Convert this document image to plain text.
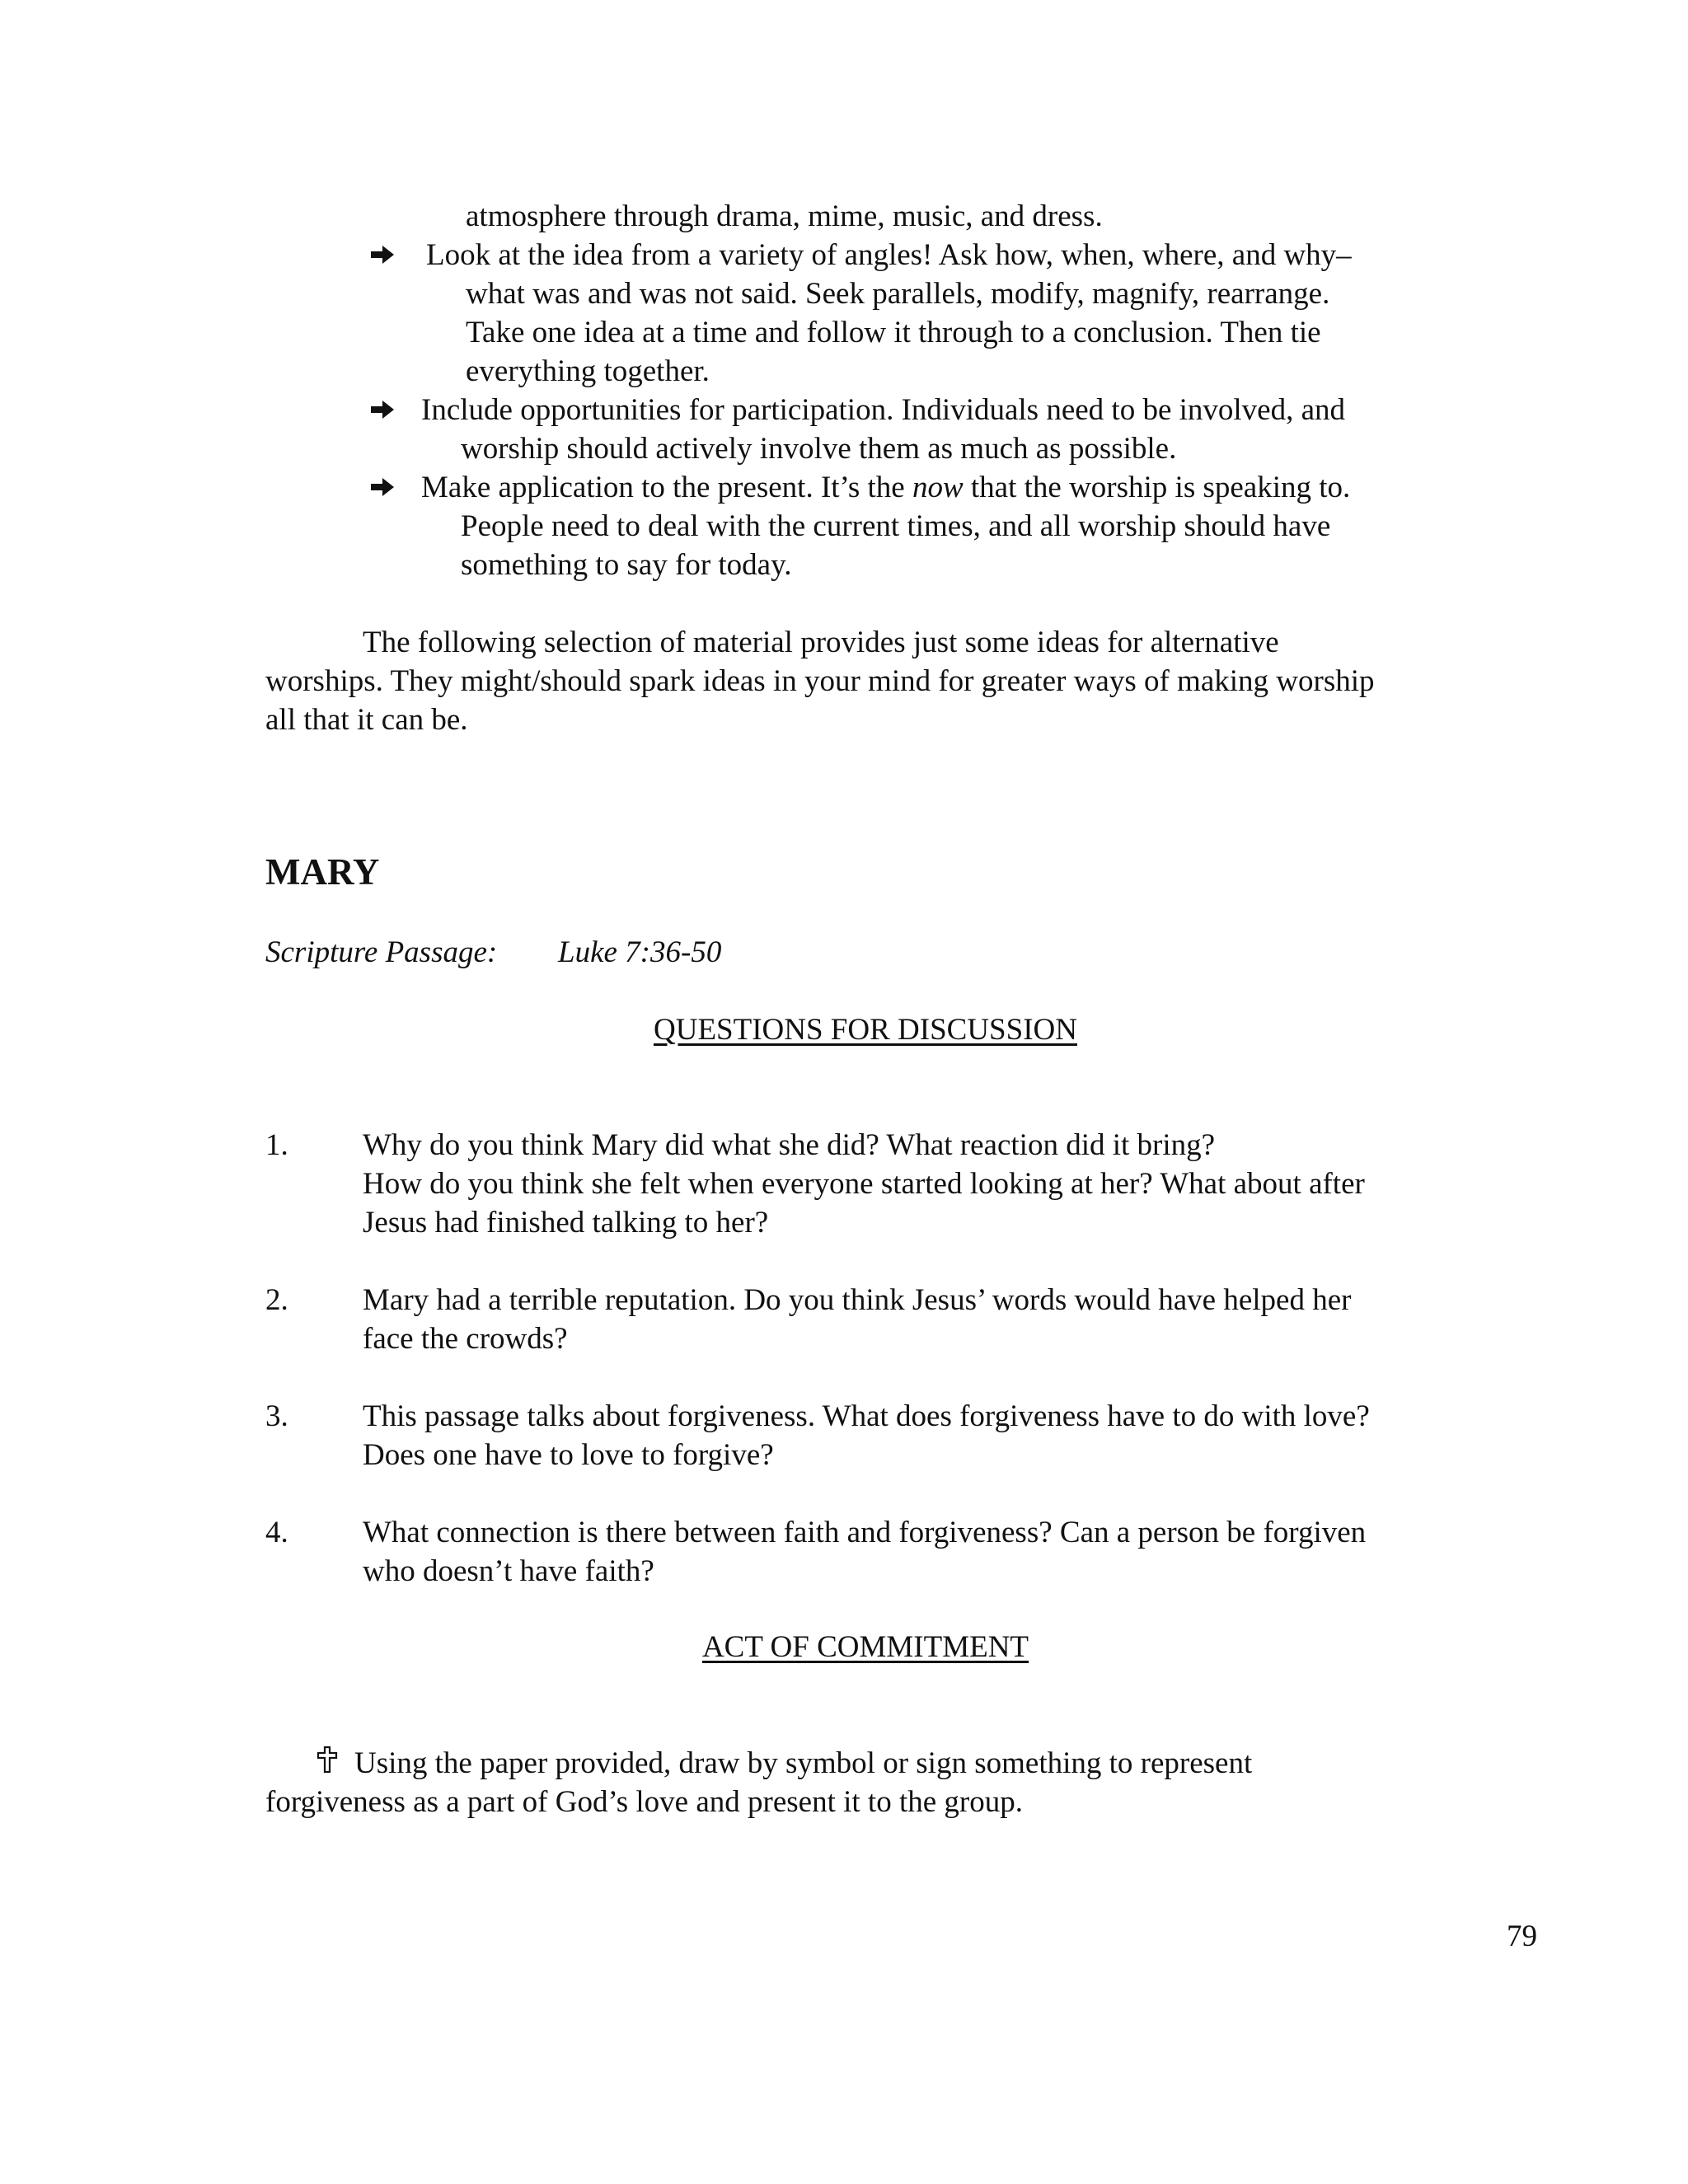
atmosphere through drama, mime, music, and dress.
Look at the idea from a variety of angles! Ask how, when, where, and why–
what was and was not said. Seek parallels, modify, magnify, rearrange.
Take one idea at a time and follow it through to a conclusion. Then tie
everything together.
Include opportunities for participation. Individuals need to be involved, and
worship should actively involve them as much as possible.
Make application to the present. It’s the now that the worship is speaking to.
People need to deal with the current times, and all worship should have
something to say for today.
The following selection of material provides just some ideas for alternative
worships. They might/should spark ideas in your mind for greater ways of making worship
all that it can be.
MARY
Scripture Passage: Luke 7:36-50
QUESTIONS FOR DISCUSSION
1. Why do you think Mary did what she did? What reaction did it bring?
How do you think she felt when everyone started looking at her? What about after
Jesus had finished talking to her?
2. Mary had a terrible reputation. Do you think Jesus’ words would have helped her
face the crowds?
3. This passage talks about forgiveness. What does forgiveness have to do with love?
Does one have to love to forgive?
4. What connection is there between faith and forgiveness? Can a person be forgiven
who doesn’t have faith?
ACT OF COMMITMENT
Using the paper provided, draw by symbol or sign something to represent
forgiveness as a part of God’s love and present it to the group.
79
